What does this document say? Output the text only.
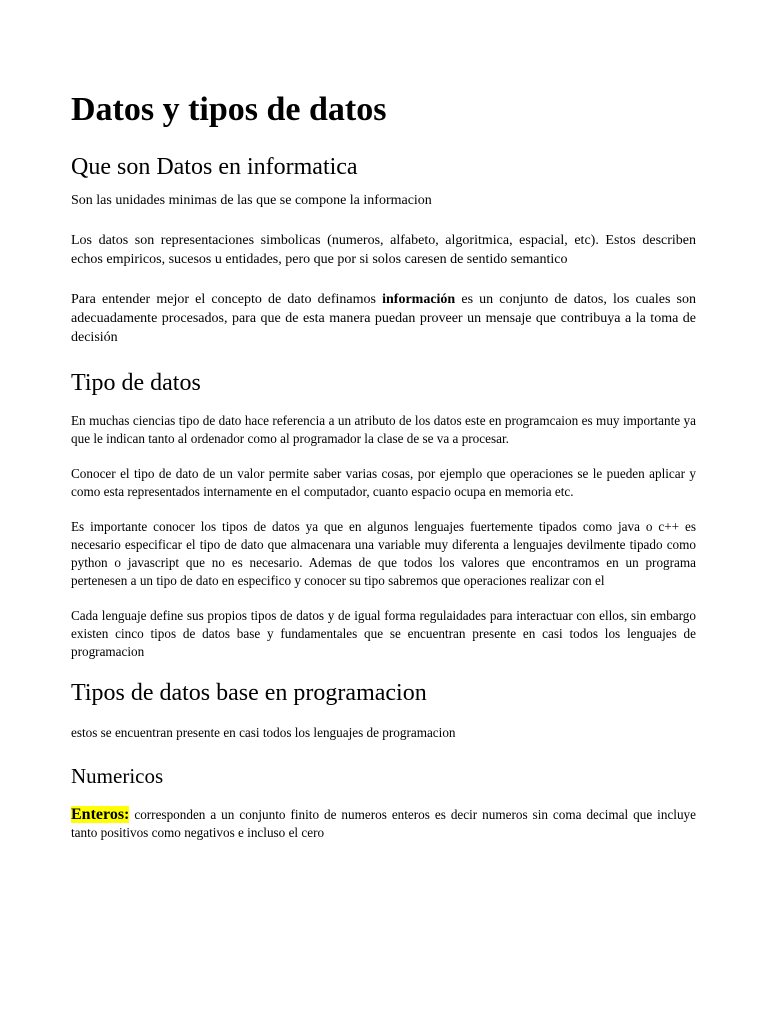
Datos y tipos de datos
Que son Datos en informatica

Son las unidades minimas de las que se compone la informacion

Los datos son representaciones simbolicas (numeros, alfabeto, algoritmica, espacial, etc). Estos describen echos empiricos, sucesos u entidades, pero que por si solos caresen de sentido semantico

Para entender mejor el concepto de dato definamos información es un conjunto de datos, los cuales son adecuadamente procesados, para que de esta manera puedan proveer un mensaje que contribuya a la toma de decisión

Tipo de datos

En muchas ciencias tipo de dato hace referencia a un atributo de los datos este en programcaion es muy importante ya que le indican tanto al ordenador como al programador la clase de se va a procesar.

Conocer el tipo de dato de un valor permite saber varias cosas, por ejemplo que operaciones se le pueden aplicar y como esta representados internamente en el computador, cuanto espacio ocupa en memoria etc.

Es importante conocer los tipos de datos ya que en algunos lenguajes fuertemente tipados como java o c++ es necesario especificar el tipo de dato que almacenara una variable muy diferenta a lenguajes devilmente tipado como python o javascript que no es necesario. Ademas de que todos los valores que encontramos en un programa pertenesen a un tipo de dato en especifico y conocer su tipo sabremos que operaciones realizar con el

Cada lenguaje define sus propios tipos de datos y de igual forma regulaidades para interactuar con ellos, sin embargo existen cinco tipos de datos base y fundamentales que se encuentran presente en casi todos los lenguajes de programacion

Tipos de datos base en programacion

estos se encuentran presente en casi todos los lenguajes de programacion

Numericos

Enteros: corresponden a un conjunto finito de numeros enteros es decir numeros sin coma decimal que incluye tanto positivos como negativos e incluso el cero
